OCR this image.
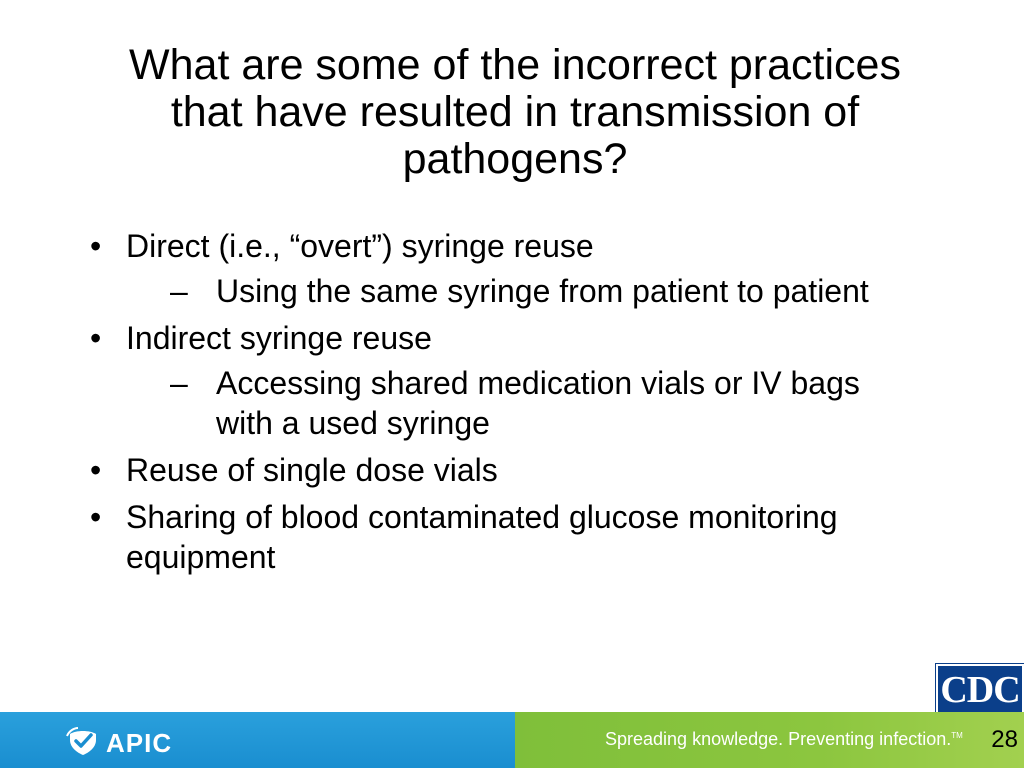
What are some of the incorrect practices that have resulted in transmission of pathogens?
• Direct (i.e., “overt”) syringe reuse
– Using the same syringe from patient to patient
• Indirect syringe reuse
– Accessing shared medication vials or IV bags with a used syringe
• Reuse of single dose vials
• Sharing of blood contaminated glucose monitoring equipment
CDC
APIC	Spreading knowledge. Preventing infection.™ 28
